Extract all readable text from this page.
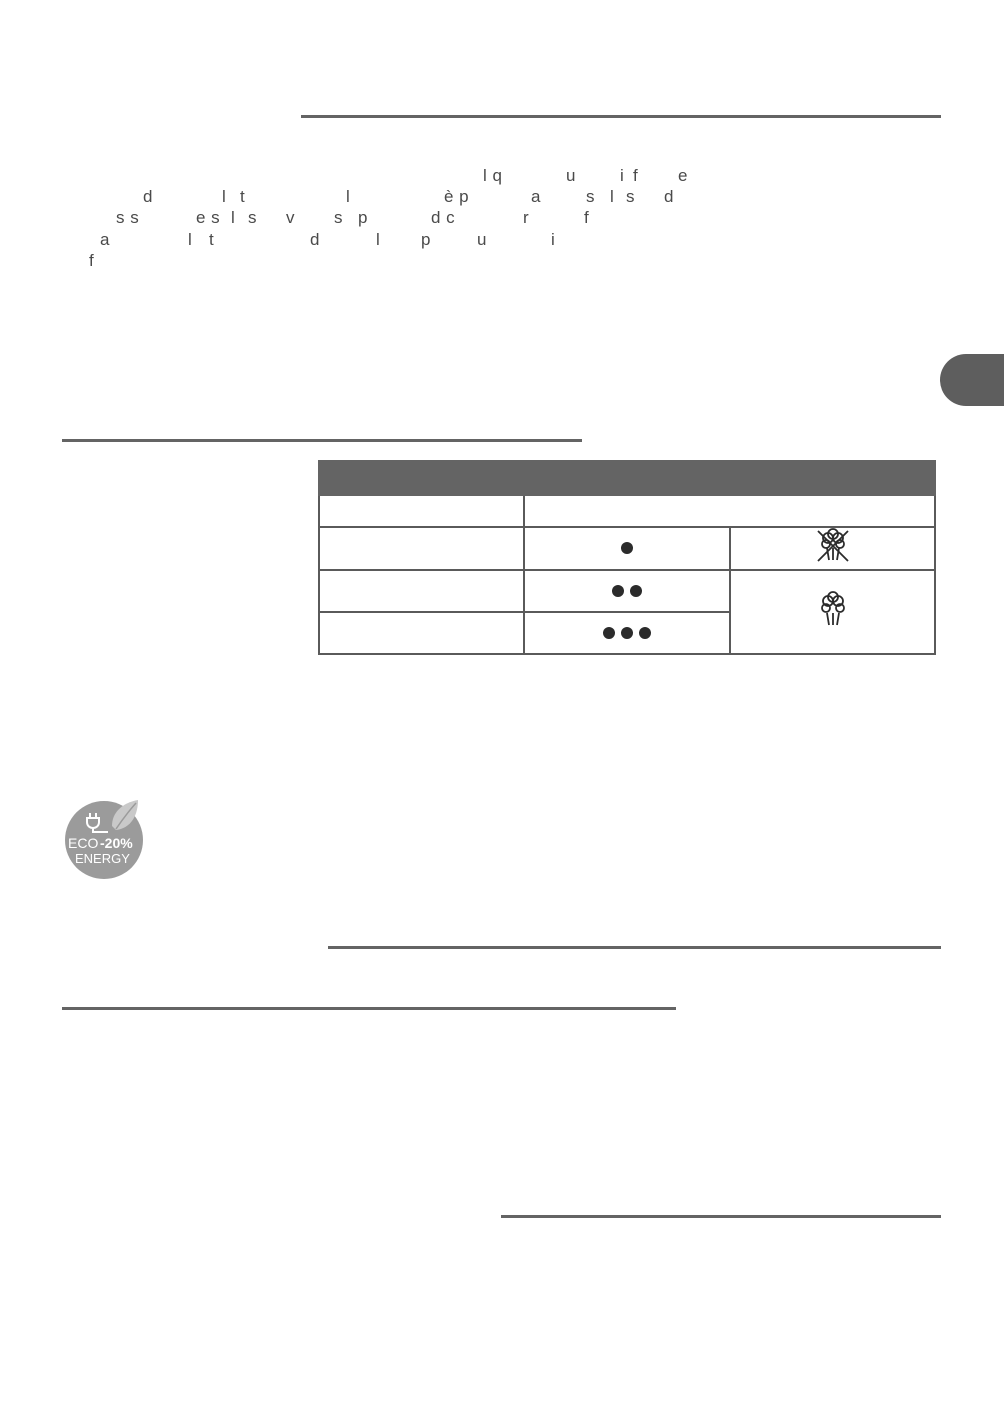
l q	u	i f e
d	l t	l	è p	a	s l s d
s s	e s l s v s p	d c	r	f
a	l t	d	l p	u	i
f

ECO -20%
ENERGY
